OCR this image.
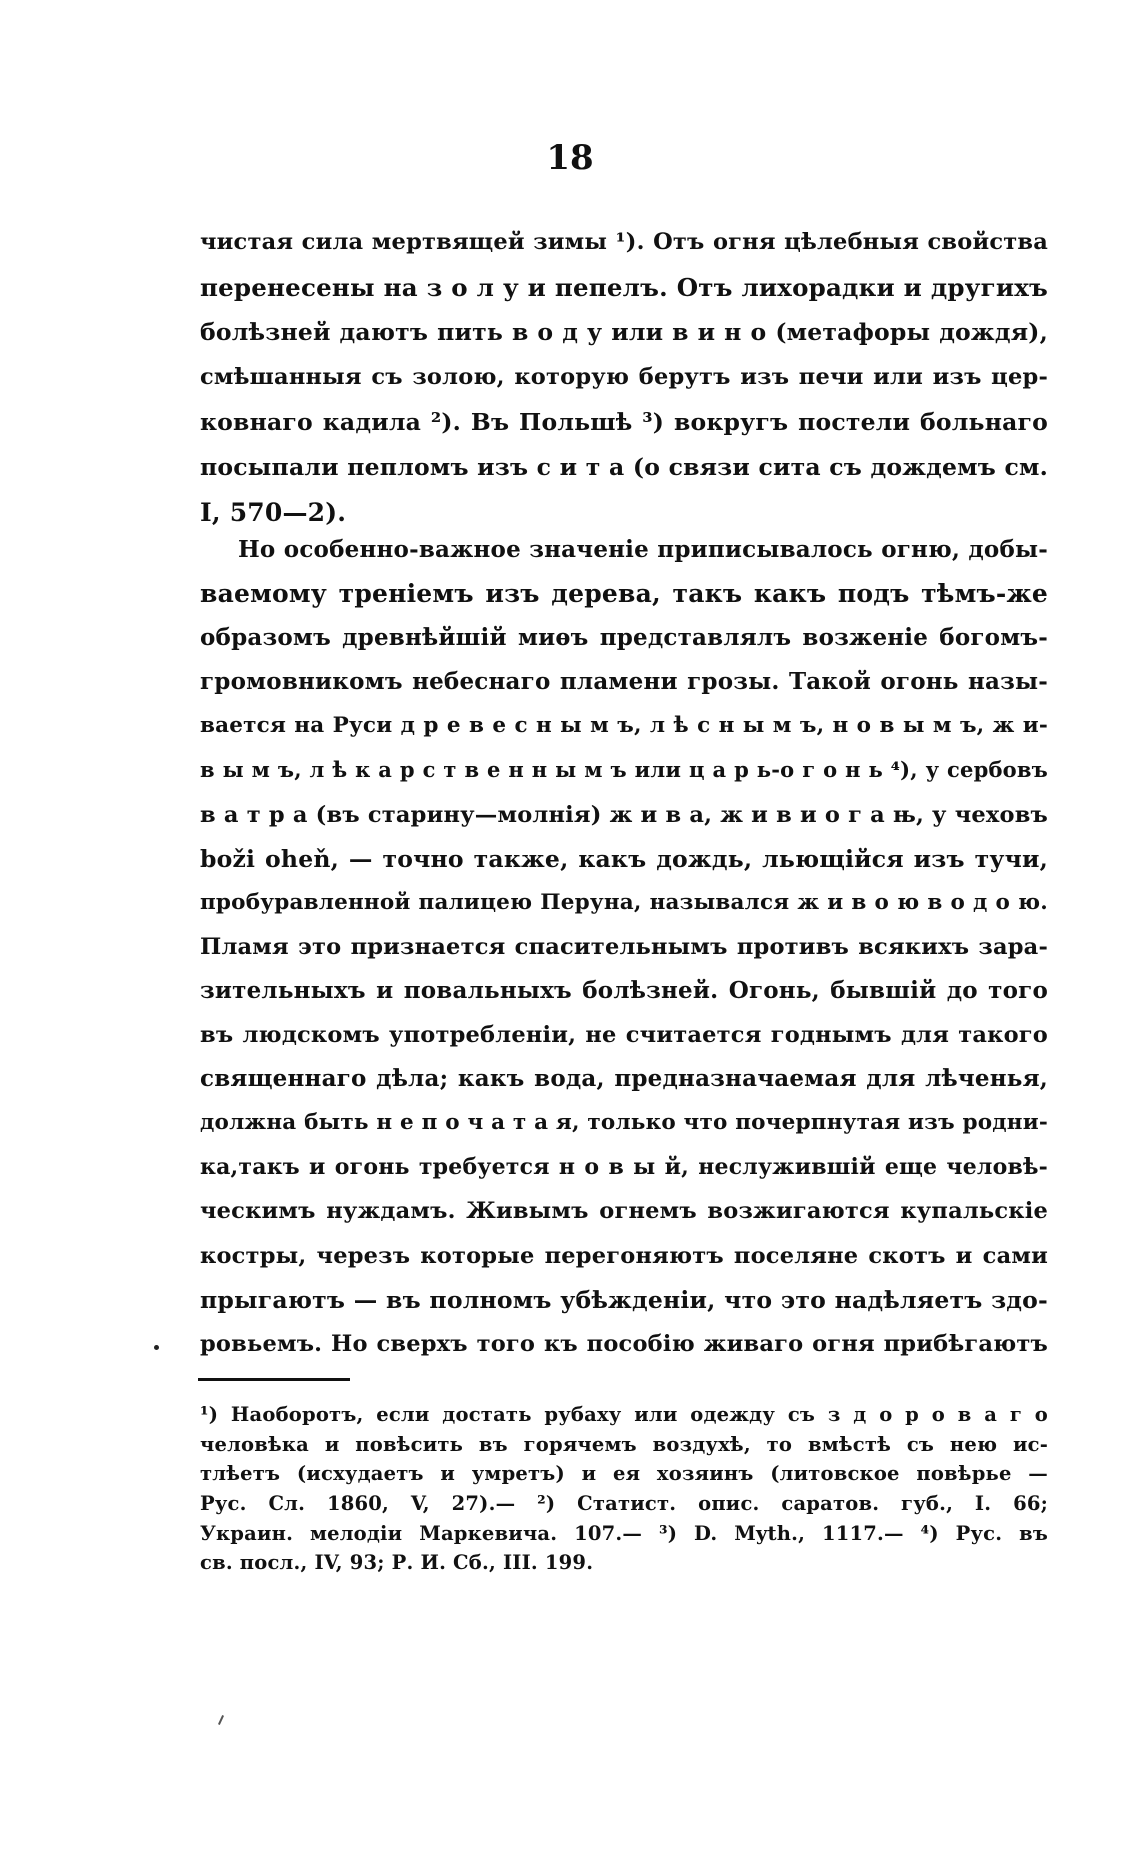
18
чистая сила мертвящей зимы ¹). Отъ огня цѣлебныя свойства
перенесены на з о л у и пепелъ. Отъ лихорадки и другихъ
болѣзней даютъ пить в о д у или в и н о (метафоры дождя),
смѣшанныя съ золою, которую берутъ изъ печи или изъ цер-
ковнаго кадила ²). Въ Польшѣ ³) вокругъ постели больнаго
посыпали пепломъ изъ с и т а (о связи сита съ дождемъ см.
I, 570—2).
Но особенно-важное значенiе приписывалось огню, добы-
ваемому тренiемъ изъ дерева, такъ какъ подъ тѣмъ-же
образомъ древнѣйшiй миѳъ представлялъ возженiе богомъ-
громовникомъ небеснаго пламени грозы. Такой огонь назы-
вается на Руси д р е в е с н ы м ъ, л ѣ с н ы м ъ, н о в ы м ъ, ж и-
в ы м ъ, л ѣ к а р с т в е н н ы м ъ или ц а р ь-о г о н ь ⁴), у сербовъ
в а т р а (въ старину—молнiя) ж и в а, ж и в и о г а њ, у чеховъ
božі oheň, — точно также, какъ дождь, льющiйся изъ тучи,
пробуравленной палицею Перуна, назывался ж и в о ю в о д о ю.
Пламя это признается спасительнымъ противъ всякихъ зара-
зительныхъ и повальныхъ болѣзней. Огонь, бывшiй до того
въ людскомъ употребленiи, не считается годнымъ для такого
священнаго дѣла; какъ вода, предназначаемая для лѣченья,
должна быть н е п о ч а т а я, только что почерпнутая изъ родни-
ка,такъ и огонь требуется н о в ы й, неслужившiй еще человѣ-
ческимъ нуждамъ. Живымъ огнемъ возжигаются купальскiе
костры, черезъ которые перегоняютъ поселяне скотъ и сами
прыгаютъ — въ полномъ убѣжденiи, что это надѣляетъ здо-
ровьемъ. Но сверхъ того къ пособiю живаго огня прибѣгаютъ
¹) Наоборотъ, если достать рубаху или одежду съ з д о р о в а г о
человѣка и повѣсить въ горячемъ воздухѣ, то вмѣстѣ съ нею ис-
тлѣетъ (исхудаетъ и умретъ) и ея хозяинъ (литовское повѣрье —
Рус. Сл. 1860, V, 27).— ²) Статист. опис. саратов. губ., I. 66;
Украин. мелодiи Маркевича. 107.— ³) D. Myth., 1117.— ⁴) Рус. въ
св. посл., IV, 93; Р. И. Сб., III. 199.
